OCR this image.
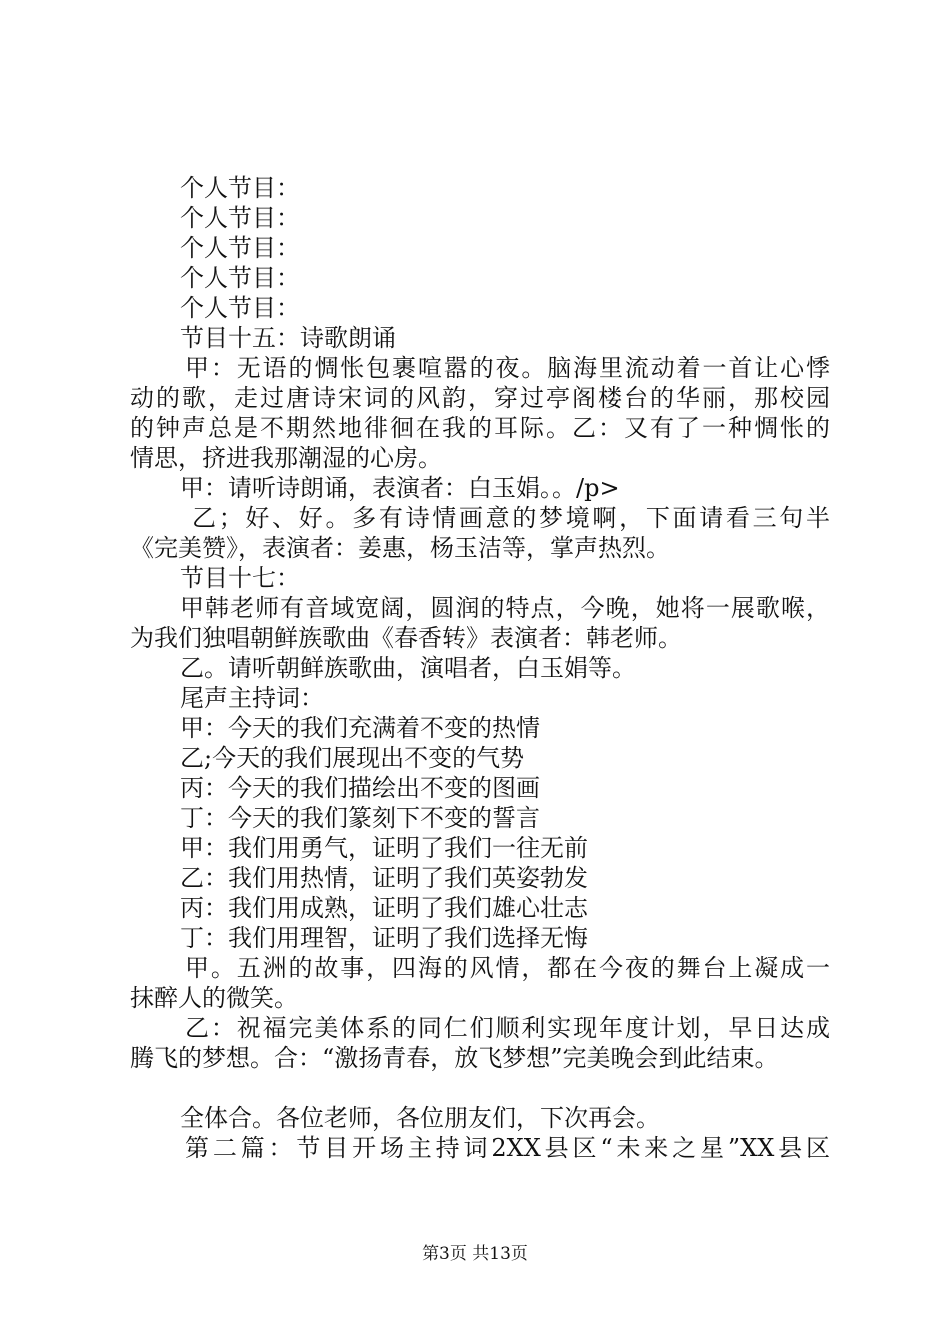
个人节目：
个人节目：
个人节目：
个人节目：
个人节目：
节目十五：诗歌朗诵
甲：无语的惆怅包裹喧嚣的夜。脑海里流动着一首让心悸
动的歌，走过唐诗宋词的风韵，穿过亭阁楼台的华丽，那校园
的钟声总是不期然地徘徊在我的耳际。乙：又有了一种惆怅的
情思，挤进我那潮湿的心房。
甲：请听诗朗诵，表演者：白玉娟。。/p>
乙；好、好。多有诗情画意的梦境啊，下面请看三句半
《完美赞》，表演者：姜惠，杨玉洁等，掌声热烈。
节目十七：
甲韩老师有音域宽阔，圆润的特点，今晚，她将一展歌喉，
为我们独唱朝鲜族歌曲《春香转》表演者：韩老师。
乙。请听朝鲜族歌曲，演唱者，白玉娟等。
尾声主持词：
甲：今天的我们充满着不变的热情
乙;今天的我们展现出不变的气势
丙：今天的我们描绘出不变的图画
丁：今天的我们篆刻下不变的誓言
甲：我们用勇气，证明了我们一往无前
乙：我们用热情，证明了我们英姿勃发
丙：我们用成熟，证明了我们雄心壮志
丁：我们用理智，证明了我们选择无悔
甲。五洲的故事，四海的风情，都在今夜的舞台上凝成一
抹醉人的微笑。
乙：祝福完美体系的同仁们顺利实现年度计划，早日达成
腾飞的梦想。合：“激扬青春，放飞梦想”完美晚会到此结束。
全体合。各位老师，各位朋友们，下次再会。
第二篇：节目开场主持词2XX县区“未来之星”XX县区
第3页 共13页
